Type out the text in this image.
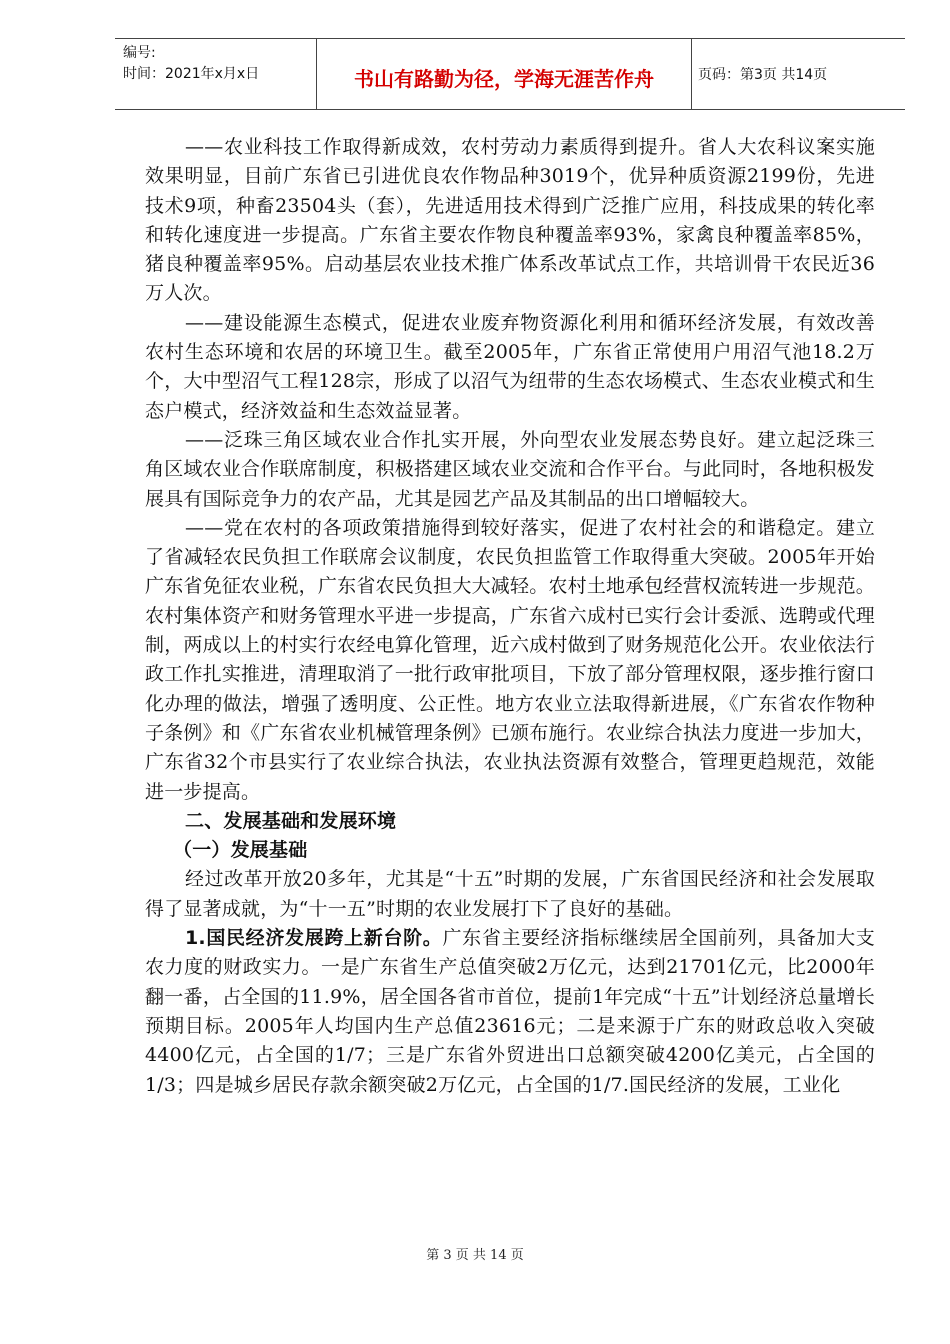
编号:
时间：2021年x月x日	书山有路勤为径，学海无涯苦作舟	页码：第3页 共14页

——农业科技工作取得新成效，农村劳动力素质得到提升。省人大农科议案实施效果明显，目前广东省已引进优良农作物品种3019个，优异种质资源2199份，先进技术9项，种畜23504头（套），先进适用技术得到广泛推广应用，科技成果的转化率和转化速度进一步提高。广东省主要农作物良种覆盖率93%，家禽良种覆盖率85%，猪良种覆盖率95%。启动基层农业技术推广体系改革试点工作，共培训骨干农民近36万人次。

——建设能源生态模式，促进农业废弃物资源化利用和循环经济发展，有效改善农村生态环境和农居的环境卫生。截至2005年，广东省正常使用户用沼气池18.2万个，大中型沼气工程128宗，形成了以沼气为纽带的生态农场模式、生态农业模式和生态户模式，经济效益和生态效益显著。

——泛珠三角区域农业合作扎实开展，外向型农业发展态势良好。建立起泛珠三角区域农业合作联席制度，积极搭建区域农业交流和合作平台。与此同时，各地积极发展具有国际竞争力的农产品，尤其是园艺产品及其制品的出口增幅较大。

——党在农村的各项政策措施得到较好落实，促进了农村社会的和谐稳定。建立了省减轻农民负担工作联席会议制度，农民负担监管工作取得重大突破。2005年开始广东省免征农业税，广东省农民负担大大减轻。农村土地承包经营权流转进一步规范。农村集体资产和财务管理水平进一步提高，广东省六成村已实行会计委派、选聘或代理制，两成以上的村实行农经电算化管理，近六成村做到了财务规范化公开。农业依法行政工作扎实推进，清理取消了一批行政审批项目，下放了部分管理权限，逐步推行窗口化办理的做法，增强了透明度、公正性。地方农业立法取得新进展，《广东省农作物种子条例》和《广东省农业机械管理条例》已颁布施行。农业综合执法力度进一步加大，广东省32个市县实行了农业综合执法，农业执法资源有效整合，管理更趋规范，效能进一步提高。

二、发展基础和发展环境

（一）发展基础

经过改革开放20多年，尤其是“十五”时期的发展，广东省国民经济和社会发展取得了显著成就，为“十一五”时期的农业发展打下了良好的基础。

1.国民经济发展跨上新台阶。广东省主要经济指标继续居全国前列，具备加大支农力度的财政实力。一是广东省生产总值突破2万亿元，达到21701亿元，比2000年翻一番，占全国的11.9%，居全国各省市首位，提前1年完成“十五”计划经济总量增长预期目标。2005年人均国内生产总值23616元；二是来源于广东的财政总收入突破4400亿元，占全国的1/7；三是广东省外贸进出口总额突破4200亿美元，占全国的1/3；四是城乡居民存款余额突破2万亿元，占全国的1/7.国民经济的发展，工业化

第 3 页 共 14 页
